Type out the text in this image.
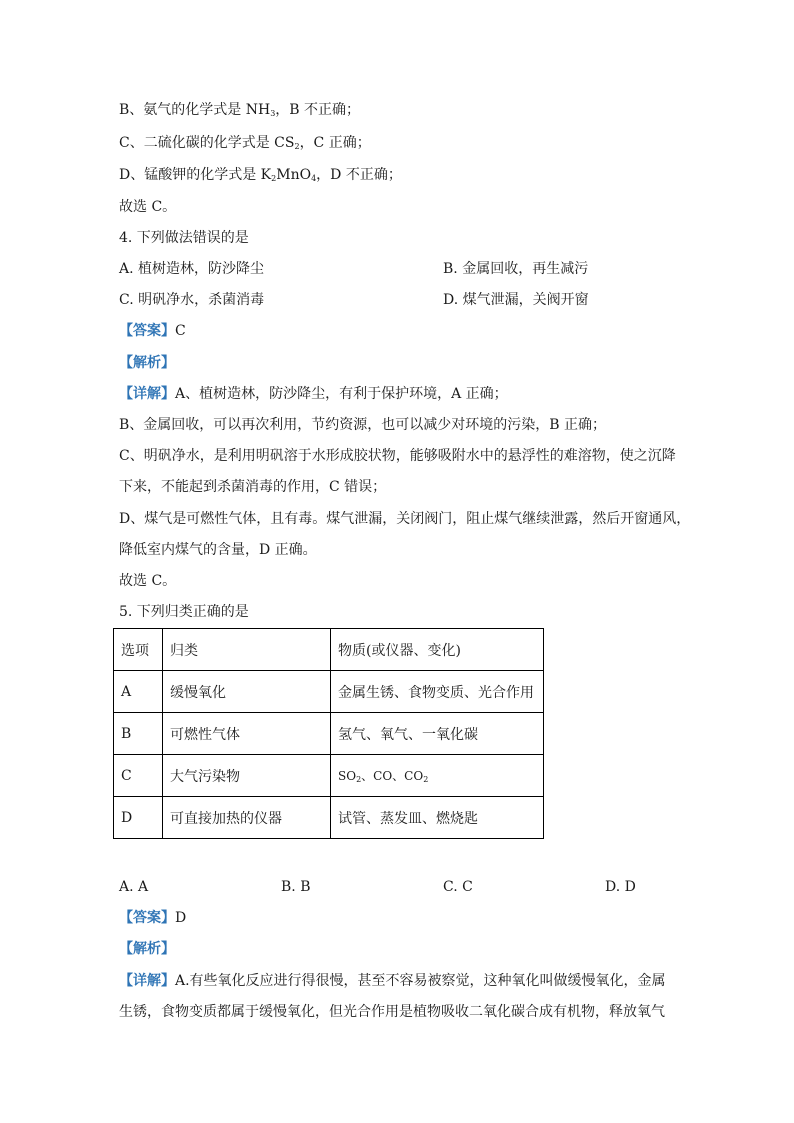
B、氨气的化学式是 $NH_3$，B 不正确；
C、二硫化碳的化学式是 $CS_2$，C 正确；
D、锰酸钾的化学式是 $K_2MnO_4$，D 不正确；
故选 C。
4. 下列做法错误的是
A. 植树造林，防沙降尘	B. 金属回收，再生减污
C. 明矾净水，杀菌消毒	D. 煤气泄漏，关阀开窗
【答案】C
【解析】
【详解】A、植树造林，防沙降尘，有利于保护环境，A 正确；
B、金属回收，可以再次利用，节约资源，也可以减少对环境的污染，B 正确；
C、明矾净水，是利用明矾溶于水形成胶状物，能够吸附水中的悬浮性的难溶物，使之沉降
下来，不能起到杀菌消毒的作用，C 错误；
D、煤气是可燃性气体，且有毒。煤气泄漏，关闭阀门，阻止煤气继续泄露，然后开窗通风，
降低室内煤气的含量，D 正确。
故选 C。
5. 下列归类正确的是
选项	归类	物质(或仪器、变化)
A	缓慢氧化	金属生锈、食物变质、光合作用
B	可燃性气体	氢气、氧气、一氧化碳
C	大气污染物	$SO_2$、CO、$CO_2$
D	可直接加热的仪器	试管、蒸发皿、燃烧匙
A. A	B. B	C. C	D. D
【答案】D
【解析】
【详解】A.有些氧化反应进行得很慢，甚至不容易被察觉，这种氧化叫做缓慢氧化，金属
生锈，食物变质都属于缓慢氧化，但光合作用是植物吸收二氧化碳合成有机物，释放氧气
